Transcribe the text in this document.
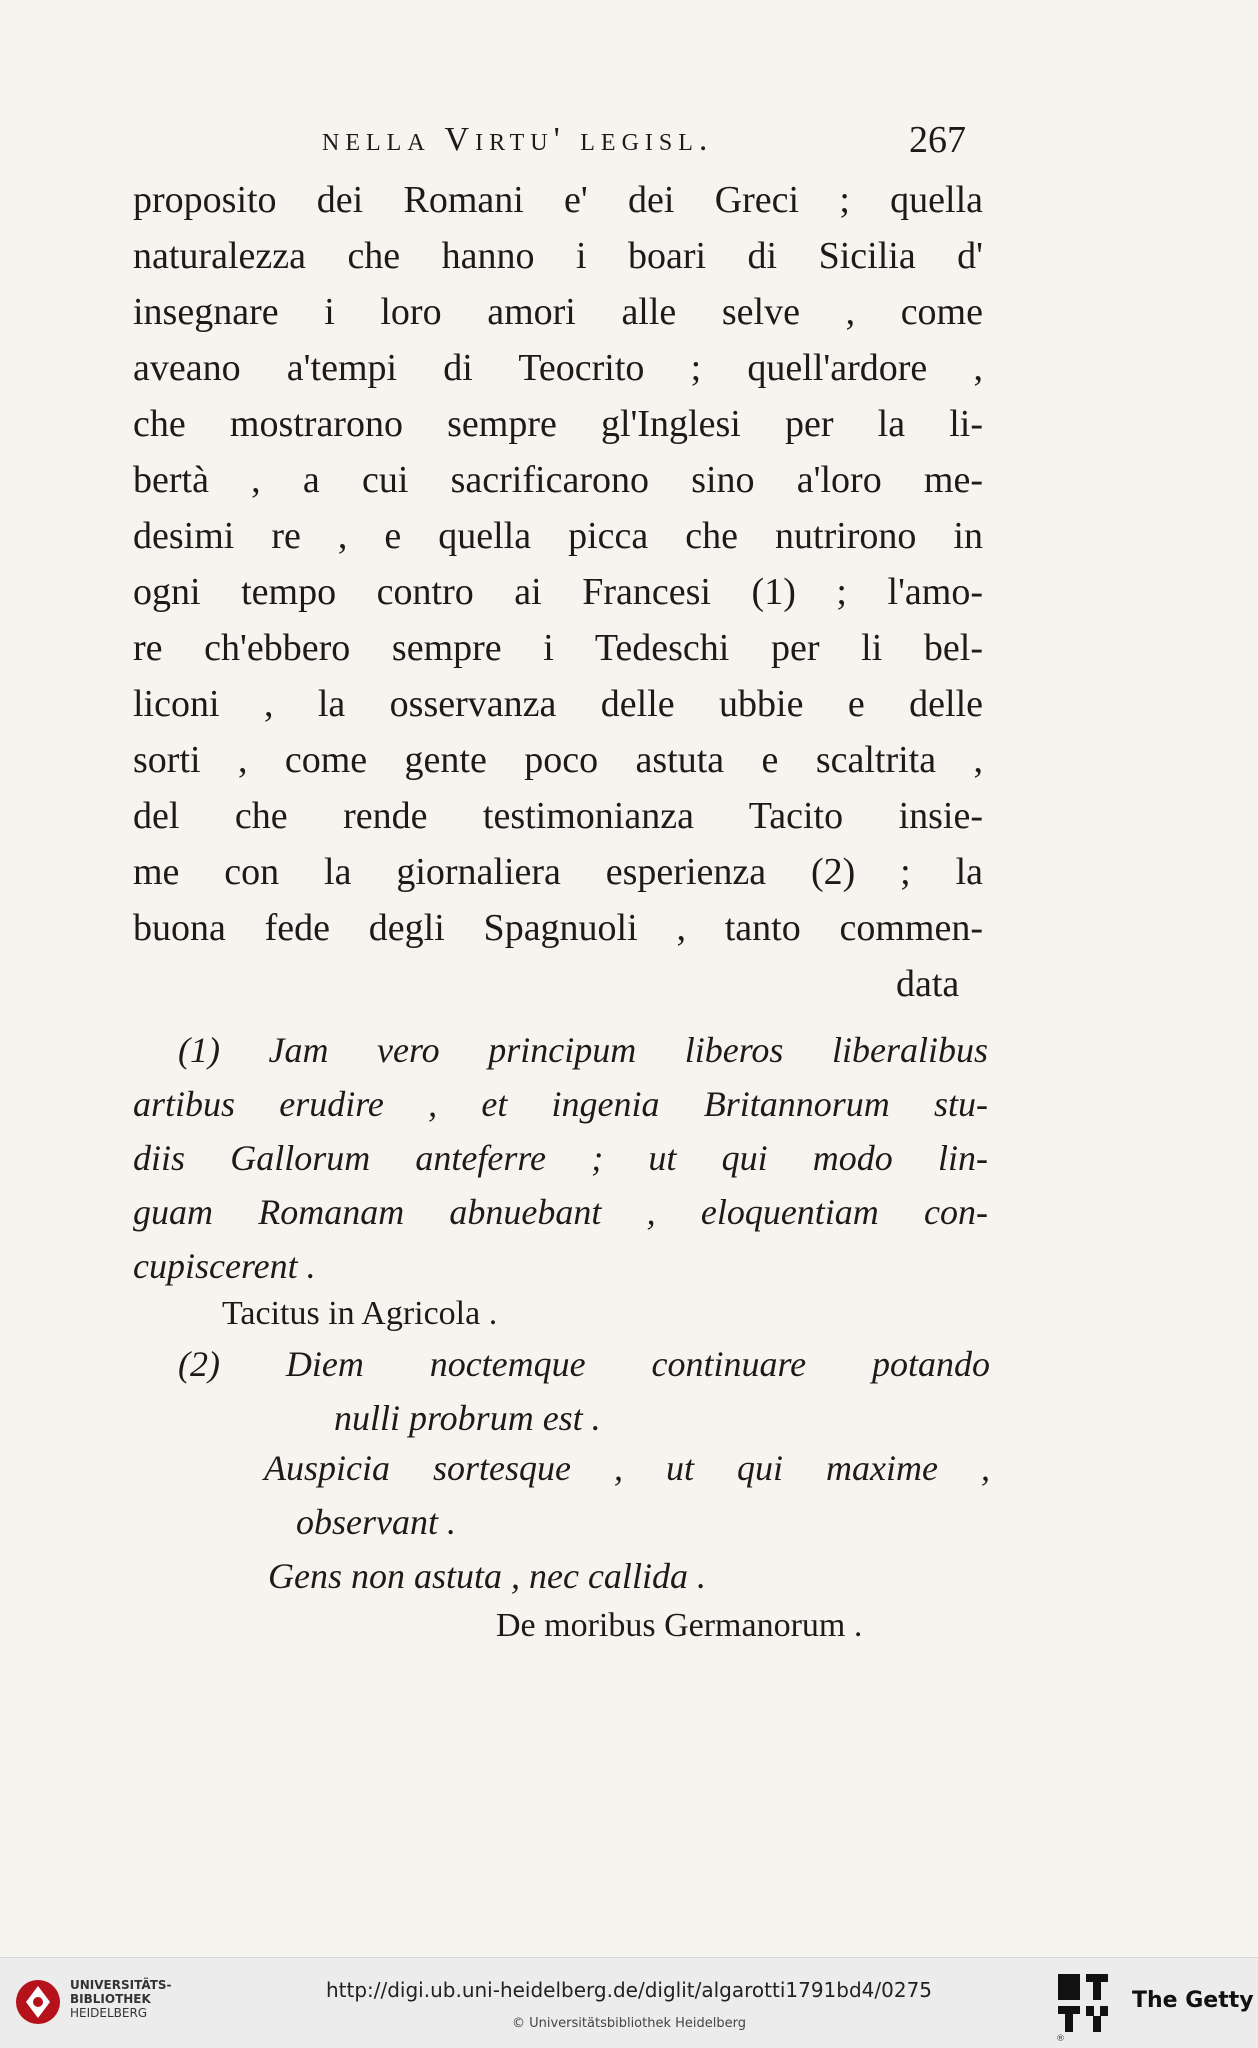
nella Virtu' legisl.	267
proposito dei Romani e' dei Greci ; quella
naturalezza che hanno i boari di Sicilia d'
insegnare i loro amori alle selve , come
aveano a'tempi di Teocrito ; quell'ardore ,
che mostrarono sempre gl'Inglesi per la li-
bertà , a cui sacrificarono sino a'loro me-
desimi re , e quella picca che nutrirono in
ogni tempo contro ai Francesi (1) ; l'amo-
re ch'ebbero sempre i Tedeschi per li bel-
liconi , la osservanza delle ubbie e delle
sorti , come gente poco astuta e scaltrita ,
del che rende testimonianza Tacito insie-
me con la giornaliera esperienza (2) ; la
buona fede degli Spagnuoli , tanto commen-
data
(1) Jam vero principum liberos liberalibus
artibus erudire , et ingenia Britannorum stu-
diis Gallorum anteferre ; ut qui modo lin-
guam Romanam abnuebant , eloquentiam con-
cupiscerent .
Tacitus in Agricola .
(2) Diem noctemque continuare potando
nulli probrum est .
Auspicia sortesque , ut qui maxime ,
observant .
Gens non astuta , nec callida .
De moribus Germanorum .
UNIVERSITÄTS-
BIBLIOTHEK
HEIDELBERG
http://digi.ub.uni-heidelberg.de/diglit/algarotti1791bd4/0275
© Universitätsbibliothek Heidelberg
®
The Getty
